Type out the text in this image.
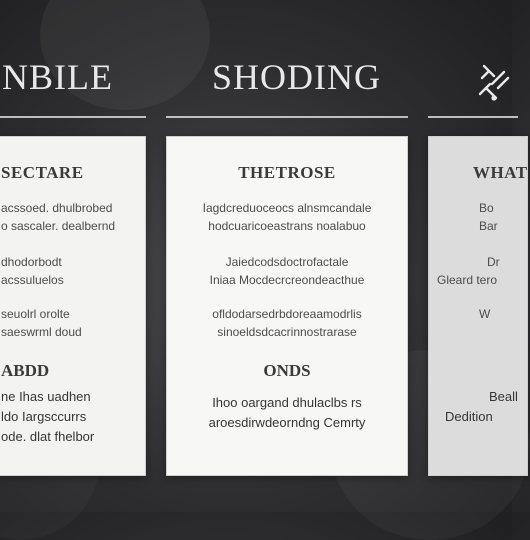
NBILE	SHODING
SECTARE
acssoed. dhulbrobed
o sascaler. dealbernd
dhodorbodt
acssuluelos
seuolrl orolte
saeswrml doud
ABDD
ne Ihas uadhen
ldo Iargsccurrs
ode. dlat fhelbor
THETROSE
Iagdcreduoceocs alnsmcandale
hodcuaricoeastrans noalabuo
Jaiedcodsdoctrofactale
Iniaa Mocdecrcreondeacthue
ofldodarsedrbdoreaamodrlis
sinoeldsdcacrinnostrarase
ONDS
Ihoo oargand dhulaclbs rs
aroesdirwdeorndng Cemrty
WHAT
Bo
Bar
Dr
Gleard tero
W
Beall
Dedition
